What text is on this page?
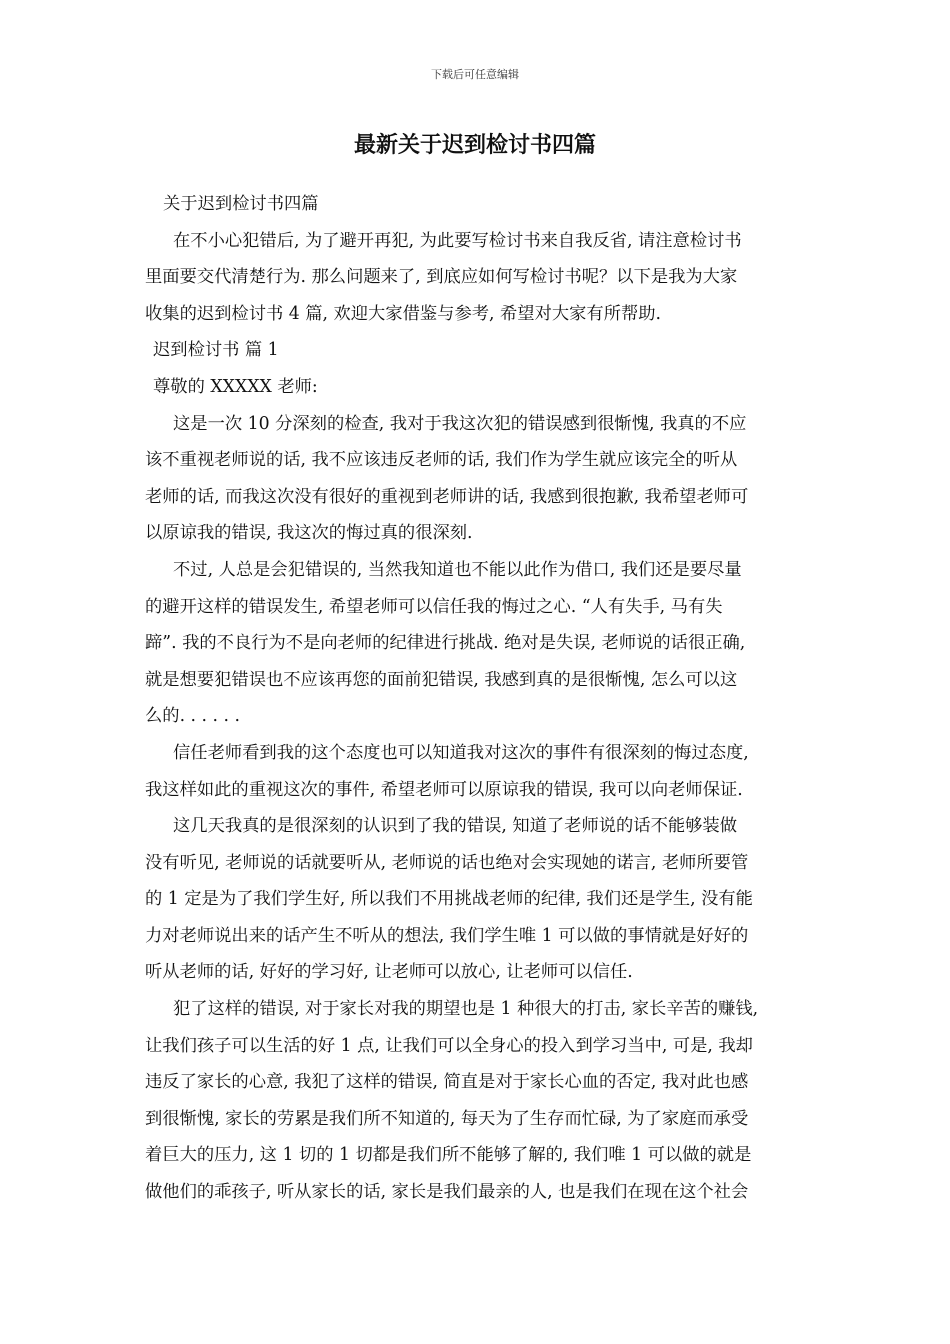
下载后可任意编辑
最新关于迟到检讨书四篇
关于迟到检讨书四篇
在不小心犯错后, 为了避开再犯, 为此要写检讨书来自我反省, 请注意检讨书
里面要交代清楚行为. 那么问题来了, 到底应如何写检讨书呢？以下是我为大家
收集的迟到检讨书 4 篇, 欢迎大家借鉴与参考, 希望对大家有所帮助.
迟到检讨书 篇 1
尊敬的 XXXXX 老师:
这是一次 10 分深刻的检查, 我对于我这次犯的错误感到很惭愧, 我真的不应
该不重视老师说的话, 我不应该违反老师的话, 我们作为学生就应该完全的听从
老师的话, 而我这次没有很好的重视到老师讲的话, 我感到很抱歉, 我希望老师可
以原谅我的错误, 我这次的悔过真的很深刻.
不过, 人总是会犯错误的, 当然我知道也不能以此作为借口, 我们还是要尽量
的避开这样的错误发生, 希望老师可以信任我的悔过之心. “人有失手, 马有失
蹄”. 我的不良行为不是向老师的纪律进行挑战. 绝对是失误, 老师说的话很正确,
就是想要犯错误也不应该再您的面前犯错误, 我感到真的是很惭愧, 怎么可以这
么的. . . . . .
信任老师看到我的这个态度也可以知道我对这次的事件有很深刻的悔过态度,
我这样如此的重视这次的事件, 希望老师可以原谅我的错误, 我可以向老师保证.
这几天我真的是很深刻的认识到了我的错误, 知道了老师说的话不能够装做
没有听见, 老师说的话就要听从, 老师说的话也绝对会实现她的诺言, 老师所要管
的 1 定是为了我们学生好, 所以我们不用挑战老师的纪律, 我们还是学生, 没有能
力对老师说出来的话产生不听从的想法, 我们学生唯 1 可以做的事情就是好好的
听从老师的话, 好好的学习好, 让老师可以放心, 让老师可以信任.
犯了这样的错误, 对于家长对我的期望也是 1 种很大的打击, 家长辛苦的赚钱,
让我们孩子可以生活的好 1 点, 让我们可以全身心的投入到学习当中, 可是, 我却
违反了家长的心意, 我犯了这样的错误, 简直是对于家长心血的否定, 我对此也感
到很惭愧, 家长的劳累是我们所不知道的, 每天为了生存而忙碌, 为了家庭而承受
着巨大的压力, 这 1 切的 1 切都是我们所不能够了解的, 我们唯 1 可以做的就是
做他们的乖孩子, 听从家长的话, 家长是我们最亲的人, 也是我们在现在这个社会
